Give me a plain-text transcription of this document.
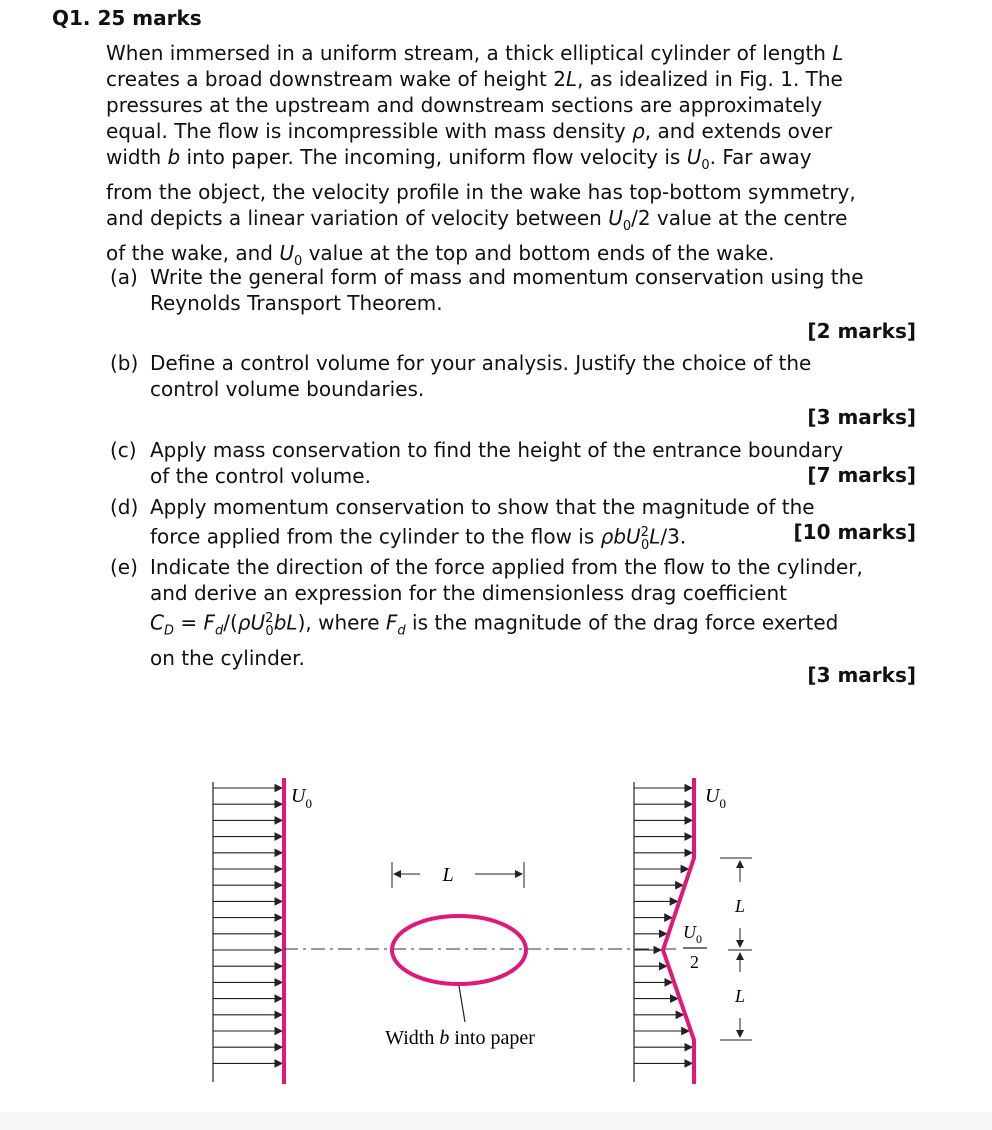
Q1. 25 marks
When immersed in a uniform stream, a thick elliptical cylinder of length L
creates a broad downstream wake of height 2L, as idealized in Fig. 1. The
pressures at the upstream and downstream sections are approximately
equal. The flow is incompressible with mass density ρ, and extends over
width b into paper. The incoming, uniform flow velocity is $U_0$. Far away
from the object, the velocity profile in the wake has top-bottom symmetry,
and depicts a linear variation of velocity between $U_0/2$ value at the centre
of the wake, and $U_0$ value at the top and bottom ends of the wake.
(a) Write the general form of mass and momentum conservation using the
Reynolds Transport Theorem.
[2 marks]
(b) Define a control volume for your analysis. Justify the choice of the
control volume boundaries.
[3 marks]
(c) Apply mass conservation to find the height of the entrance boundary
of the control volume.	[7 marks]
(d) Apply momentum conservation to show that the magnitude of the
force applied from the cylinder to the flow is ρbU$^2_0$L/3.	[10 marks]
(e) Indicate the direction of the force applied from the flow to the cylinder,
and derive an expression for the dimensionless drag coefficient
$C_D = F_d/(\rho U^2_0bL)$, where $F_d$ is the magnitude of the drag force exerted
on the cylinder.
[3 marks]
$U_0$
L
Width b into paper
$U_0$
$U_0$
2
L
L
